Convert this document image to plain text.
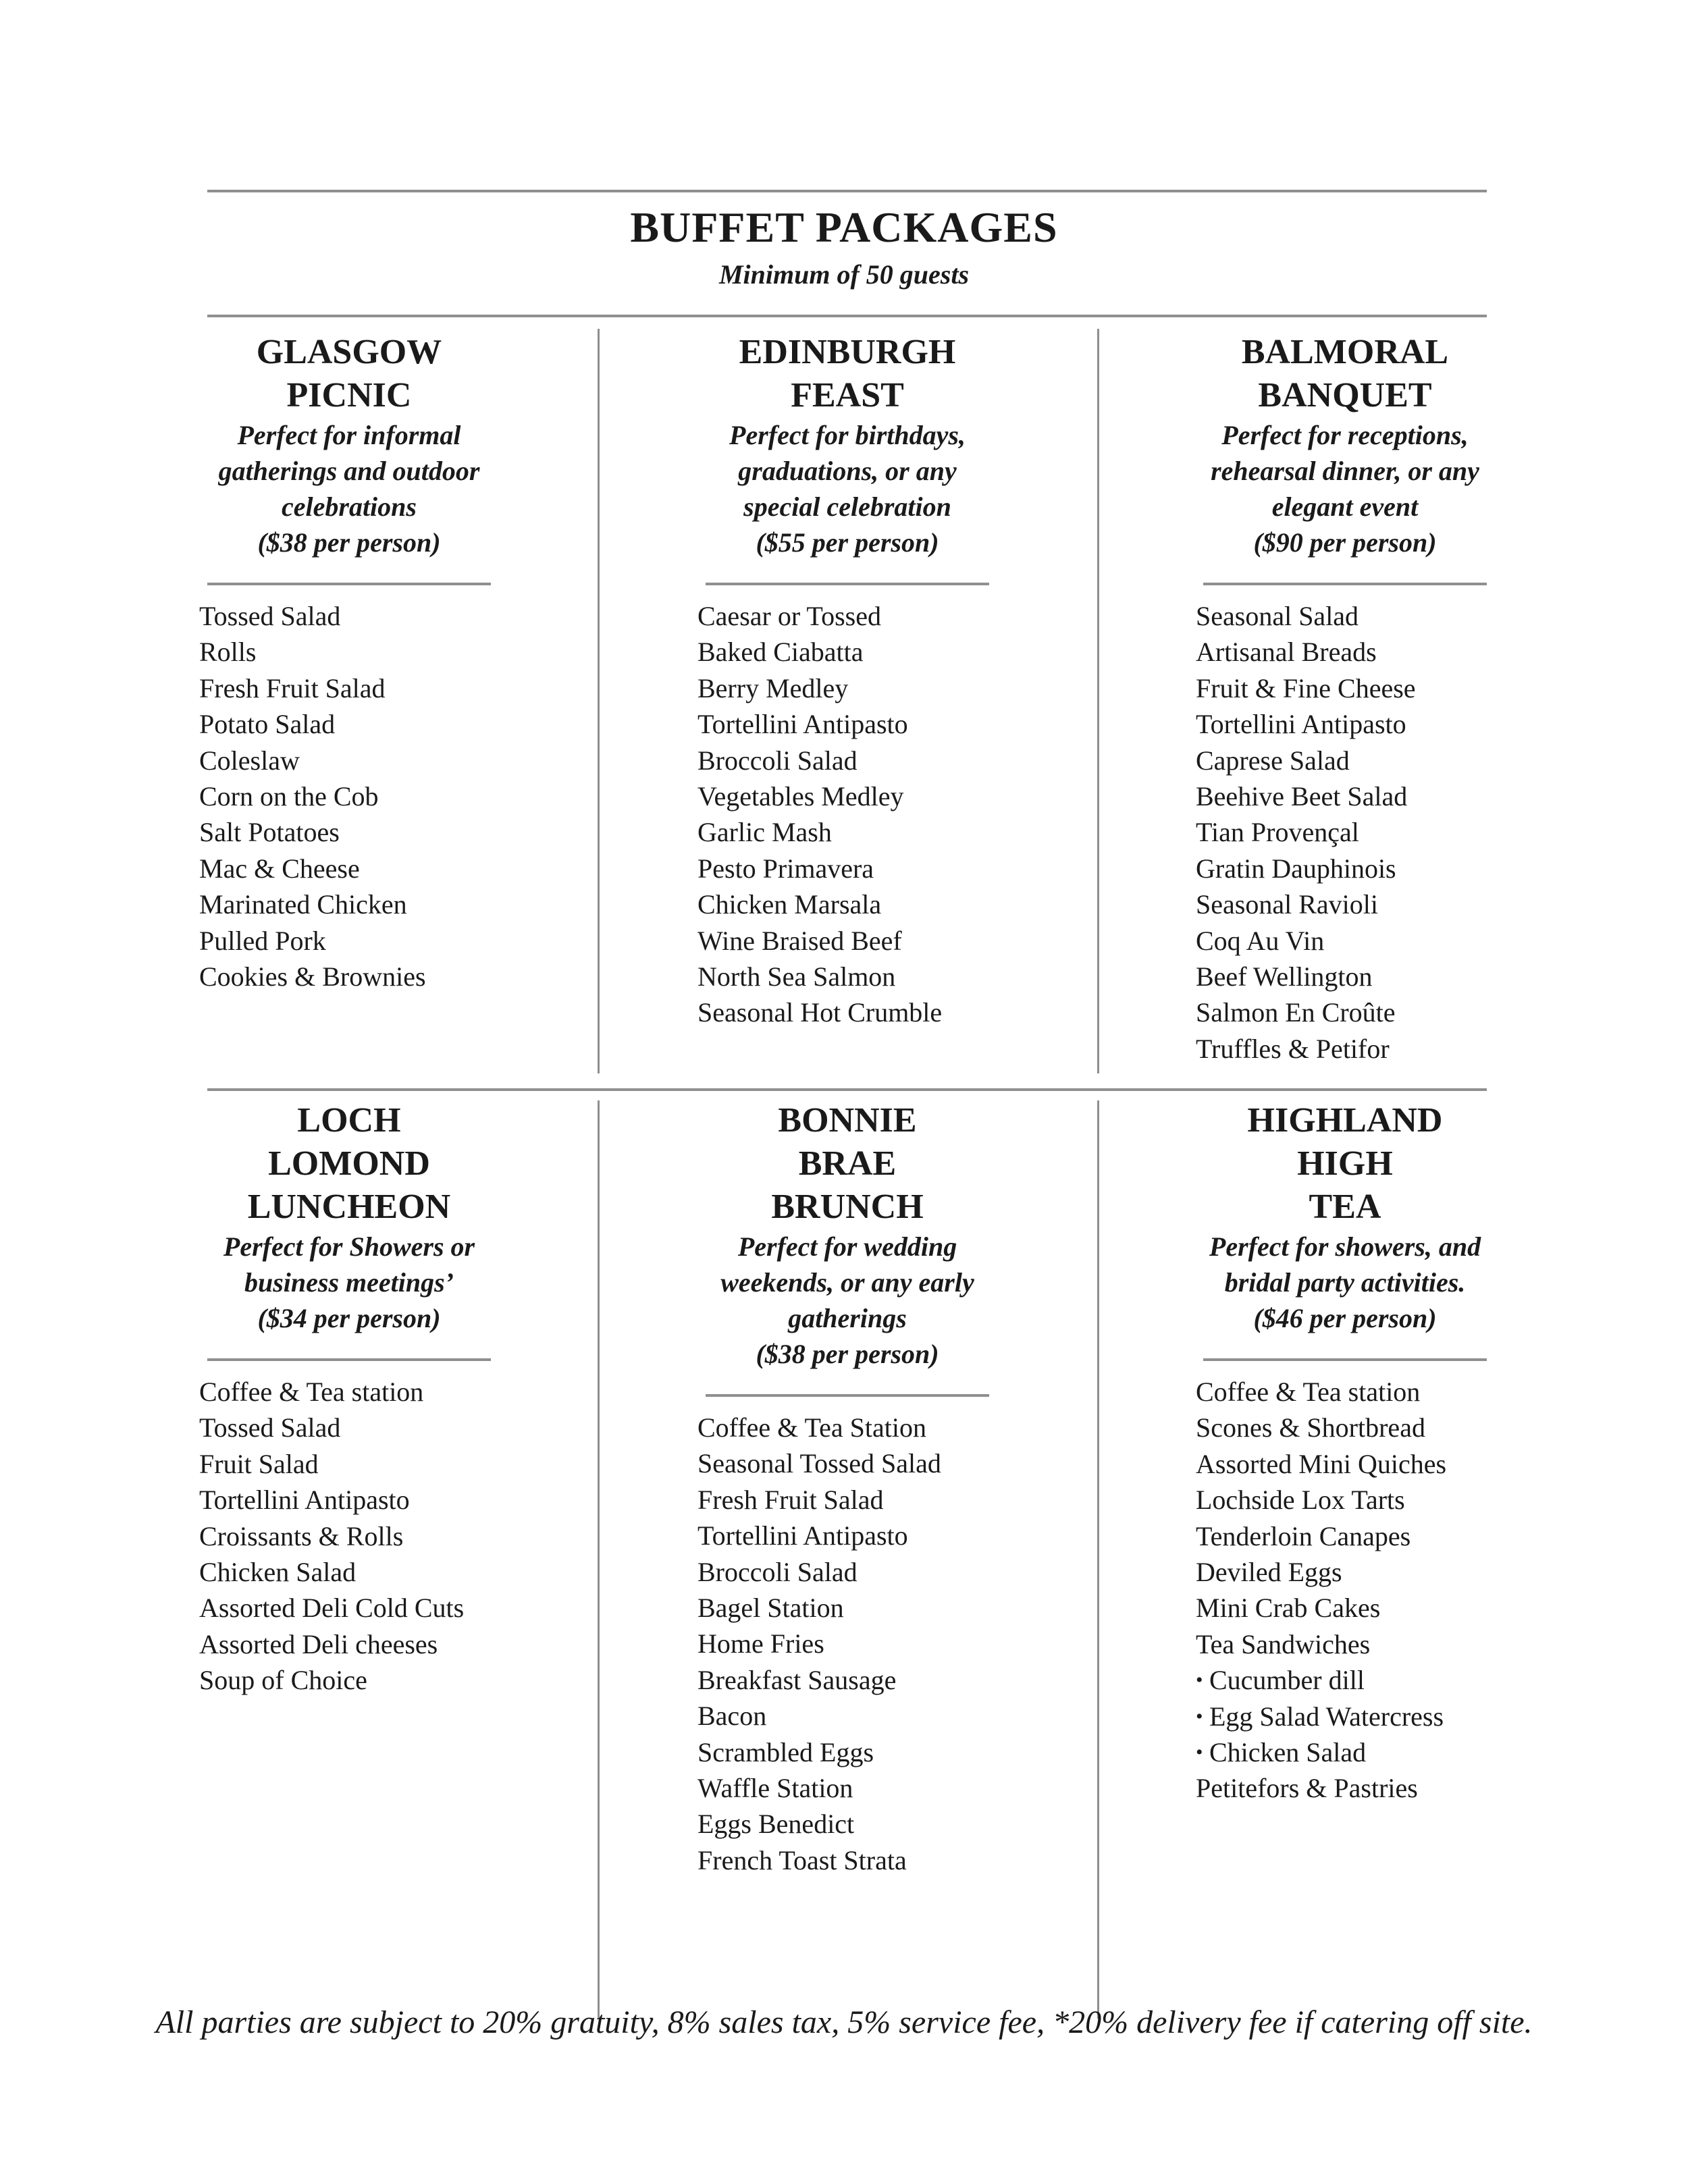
BUFFET PACKAGES
Minimum of 50 guests
GLASGOW
PICNIC
Perfect for informal
gatherings and outdoor
celebrations
($38 per person)
Tossed Salad
Rolls
Fresh Fruit Salad
Potato Salad
Coleslaw
Corn on the Cob
Salt Potatoes
Mac & Cheese
Marinated Chicken
Pulled Pork
Cookies & Brownies
EDINBURGH
FEAST
Perfect for birthdays,
graduations, or any
special celebration
($55 per person)
Caesar or Tossed
Baked Ciabatta
Berry Medley
Tortellini Antipasto
Broccoli Salad
Vegetables Medley
Garlic Mash
Pesto Primavera
Chicken Marsala
Wine Braised Beef
North Sea Salmon
Seasonal Hot Crumble
BALMORAL
BANQUET
Perfect for receptions,
rehearsal dinner, or any
elegant event
($90 per person)
Seasonal Salad
Artisanal Breads
Fruit & Fine Cheese
Tortellini Antipasto
Caprese Salad
Beehive Beet Salad
Tian Provençal
Gratin Dauphinois
Seasonal Ravioli
Coq Au Vin
Beef Wellington
Salmon En Croûte
Truffles & Petifor
LOCH
LOMOND
LUNCHEON
Perfect for Showers or
business meetings’
($34 per person)
Coffee & Tea station
Tossed Salad
Fruit Salad
Tortellini Antipasto
Croissants & Rolls
Chicken Salad
Assorted Deli Cold Cuts
Assorted Deli cheeses
Soup of Choice
BONNIE
BRAE
BRUNCH
Perfect for wedding
weekends, or any early
gatherings
($38 per person)
Coffee & Tea Station
Seasonal Tossed Salad
Fresh Fruit Salad
Tortellini Antipasto
Broccoli Salad
Bagel Station
Home Fries
Breakfast Sausage
Bacon
Scrambled Eggs
Waffle Station
Eggs Benedict
French Toast Strata
HIGHLAND
HIGH
TEA
Perfect for showers, and
bridal party activities.
($46 per person)
Coffee & Tea station
Scones & Shortbread
Assorted Mini Quiches
Lochside Lox Tarts
Tenderloin Canapes
Deviled Eggs
Mini Crab Cakes
Tea Sandwiches
• Cucumber dill
• Egg Salad Watercress
• Chicken Salad
Petitefors & Pastries
All parties are subject to 20% gratuity, 8% sales tax, 5% service fee, *20% delivery fee if catering off site.
